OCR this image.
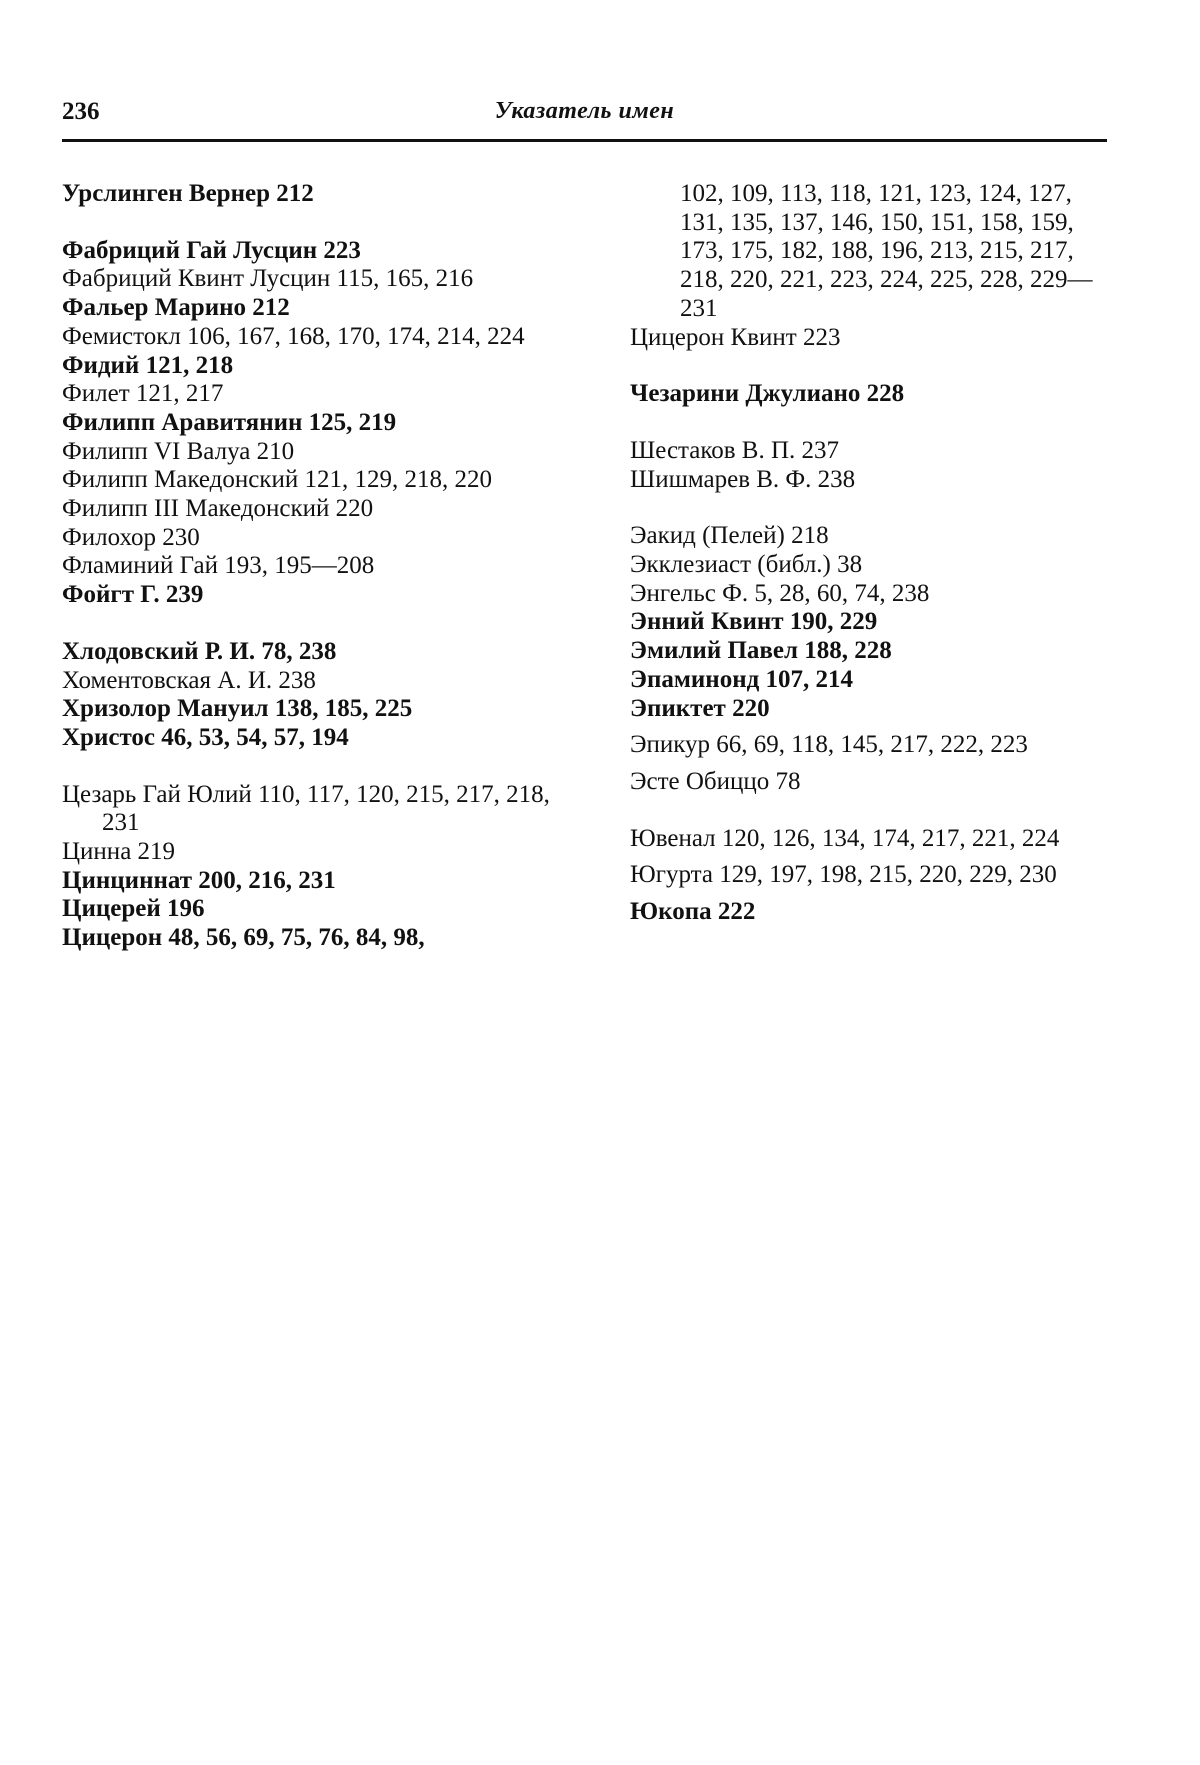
236	Указатель имен
Урслинген Вернер 212
Фабриций Гай Лусцин 223
Фабриций Квинт Лусцин 115, 165, 216
Фальер Марино 212
Фемистокл 106, 167, 168, 170, 174, 214, 224
Фидий 121, 218
Филет 121, 217
Филипп Аравитянин 125, 219
Филипп VI Валуа 210
Филипп Македонский 121, 129, 218, 220
Филипп III Македонский 220
Филохор 230
Фламиний Гай 193, 195—208
Фойгт Г. 239
Хлодовский Р. И. 78, 238
Хоментовская А. И. 238
Хризолор Мануил 138, 185, 225
Христос 46, 53, 54, 57, 194
Цезарь Гай Юлий 110, 117, 120, 215, 217, 218, 231
Цинна 219
Цинциннат 200, 216, 231
Цицерей 196
Цицерон 48, 56, 69, 75, 76, 84, 98,
102, 109, 113, 118, 121, 123, 124, 127, 131, 135, 137, 146, 150, 151, 158, 159, 173, 175, 182, 188, 196, 213, 215, 217, 218, 220, 221, 223, 224, 225, 228, 229—231
Цицерон Квинт 223
Чезарини Джулиано 228
Шестаков В. П. 237
Шишмарев В. Ф. 238
Эакид (Пелей) 218
Экклезиаст (библ.) 38
Энгельс Ф. 5, 28, 60, 74, 238
Энний Квинт 190, 229
Эмилий Павел 188, 228
Эпаминонд 107, 214
Эпиктет 220
Эпикур 66, 69, 118, 145, 217, 222, 223
Эсте Обиццо 78
Ювенал 120, 126, 134, 174, 217, 221, 224
Югурта 129, 197, 198, 215, 220, 229, 230
Юкопа 222
